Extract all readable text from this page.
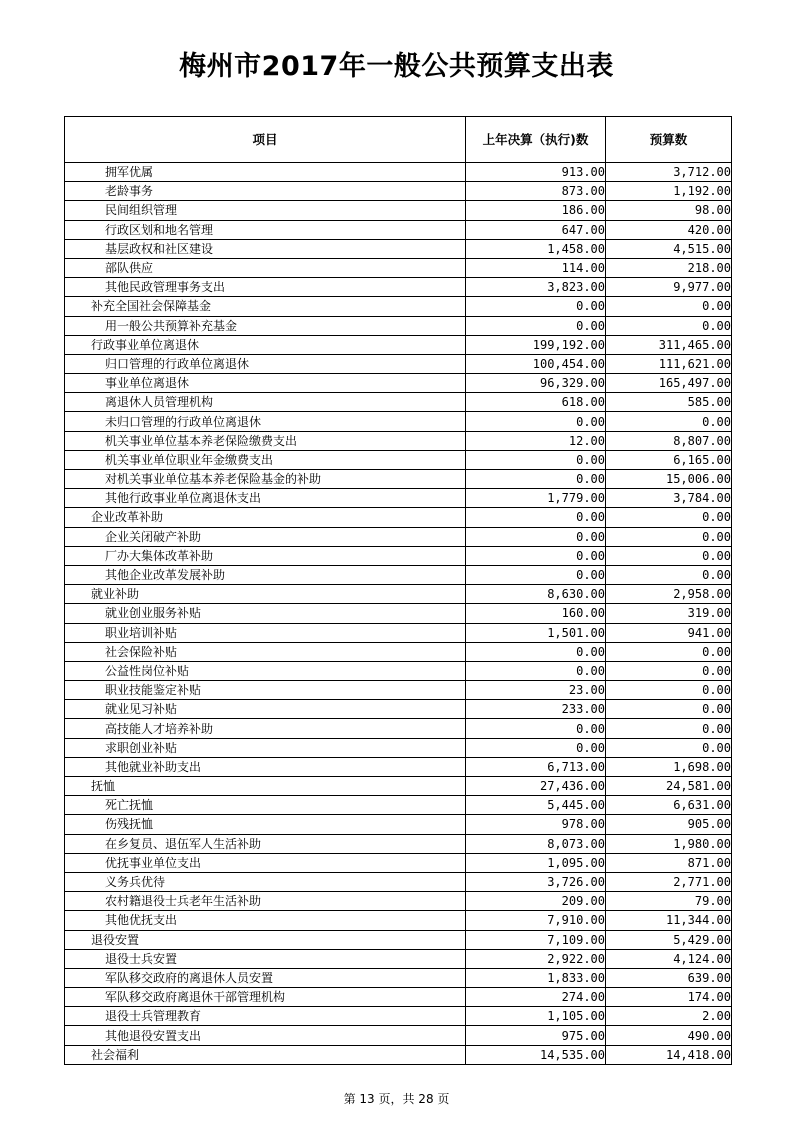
梅州市2017年一般公共预算支出表
项目	上年决算（执行)数	预算数
拥军优属	913.00	3,712.00
老龄事务	873.00	1,192.00
民间组织管理	186.00	98.00
行政区划和地名管理	647.00	420.00
基层政权和社区建设	1,458.00	4,515.00
部队供应	114.00	218.00
其他民政管理事务支出	3,823.00	9,977.00
补充全国社会保障基金	0.00	0.00
用一般公共预算补充基金	0.00	0.00
行政事业单位离退休	199,192.00	311,465.00
归口管理的行政单位离退休	100,454.00	111,621.00
事业单位离退休	96,329.00	165,497.00
离退休人员管理机构	618.00	585.00
未归口管理的行政单位离退休	0.00	0.00
机关事业单位基本养老保险缴费支出	12.00	8,807.00
机关事业单位职业年金缴费支出	0.00	6,165.00
对机关事业单位基本养老保险基金的补助	0.00	15,006.00
其他行政事业单位离退休支出	1,779.00	3,784.00
企业改革补助	0.00	0.00
企业关闭破产补助	0.00	0.00
厂办大集体改革补助	0.00	0.00
其他企业改革发展补助	0.00	0.00
就业补助	8,630.00	2,958.00
就业创业服务补贴	160.00	319.00
职业培训补贴	1,501.00	941.00
社会保险补贴	0.00	0.00
公益性岗位补贴	0.00	0.00
职业技能鉴定补贴	23.00	0.00
就业见习补贴	233.00	0.00
高技能人才培养补助	0.00	0.00
求职创业补贴	0.00	0.00
其他就业补助支出	6,713.00	1,698.00
抚恤	27,436.00	24,581.00
死亡抚恤	5,445.00	6,631.00
伤残抚恤	978.00	905.00
在乡复员、退伍军人生活补助	8,073.00	1,980.00
优抚事业单位支出	1,095.00	871.00
义务兵优待	3,726.00	2,771.00
农村籍退役士兵老年生活补助	209.00	79.00
其他优抚支出	7,910.00	11,344.00
退役安置	7,109.00	5,429.00
退役士兵安置	2,922.00	4,124.00
军队移交政府的离退休人员安置	1,833.00	639.00
军队移交政府离退休干部管理机构	274.00	174.00
退役士兵管理教育	1,105.00	2.00
其他退役安置支出	975.00	490.00
社会福利	14,535.00	14,418.00
第 13 页，共 28 页
